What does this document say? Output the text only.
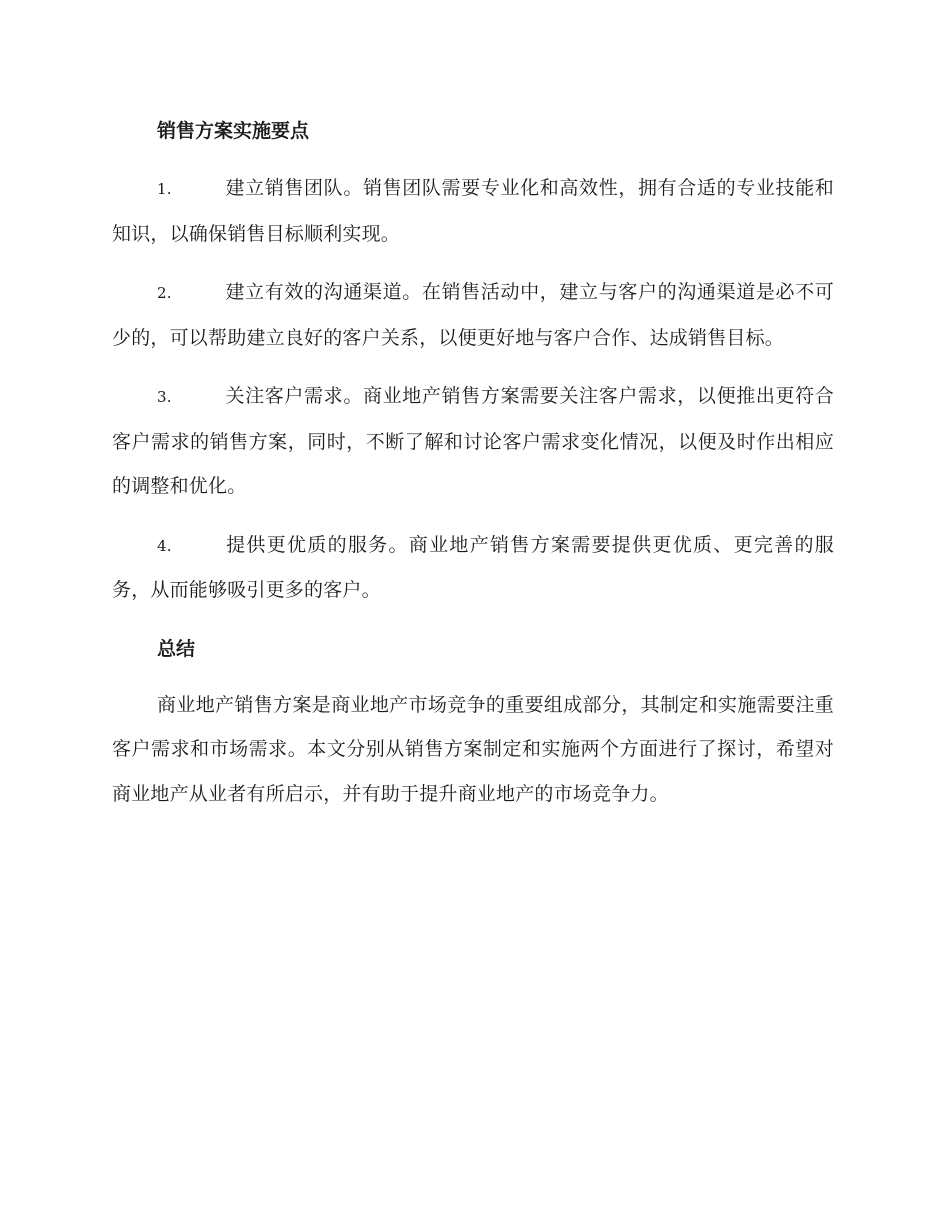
销售方案实施要点
1.	建立销售团队。销售团队需要专业化和高效性，拥有合适的专业技能和知识，以确保销售目标顺利实现。
2.	建立有效的沟通渠道。在销售活动中，建立与客户的沟通渠道是必不可少的，可以帮助建立良好的客户关系，以便更好地与客户合作、达成销售目标。
3.	关注客户需求。商业地产销售方案需要关注客户需求，以便推出更符合客户需求的销售方案，同时，不断了解和讨论客户需求变化情况，以便及时作出相应的调整和优化。
4.	提供更优质的服务。商业地产销售方案需要提供更优质、更完善的服务，从而能够吸引更多的客户。
总结

商业地产销售方案是商业地产市场竞争的重要组成部分，其制定和实施需要注重客户需求和市场需求。本文分别从销售方案制定和实施两个方面进行了探讨，希望对商业地产从业者有所启示，并有助于提升商业地产的市场竞争力。
